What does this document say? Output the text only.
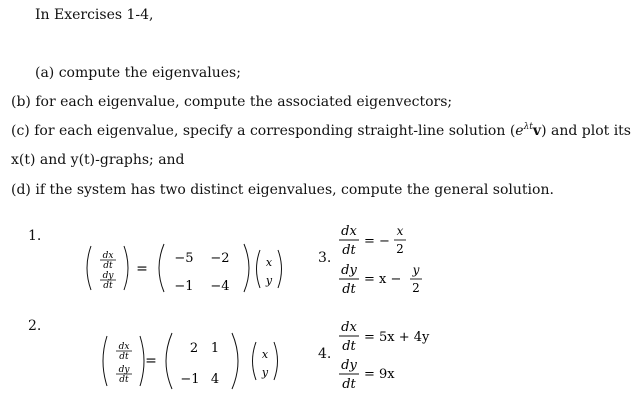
In Exercises 1-4,
(a) compute the eigenvalues;
(b) for each eigenvalue, compute the associated eigenvectors;
(c) for each eigenvalue, specify a corresponding straight-line solution $(e^{\lambda t}v)$ and plot its
x(t) and y(t)-graphs; and
(d) if the system has two distinct eigenvalues, compute the general solution.
1.
dx
dt
dy
dt
=
−5 −2
−1 −4
x
y
3.
dx
dt
= −
x
2
dy
dt
= x −
y
2
2.
dx
dt
dy
dt
=
2 1
−1 4
x
y
4.
dx
dt
= 5x + 4y
dy
dt
= 9x
